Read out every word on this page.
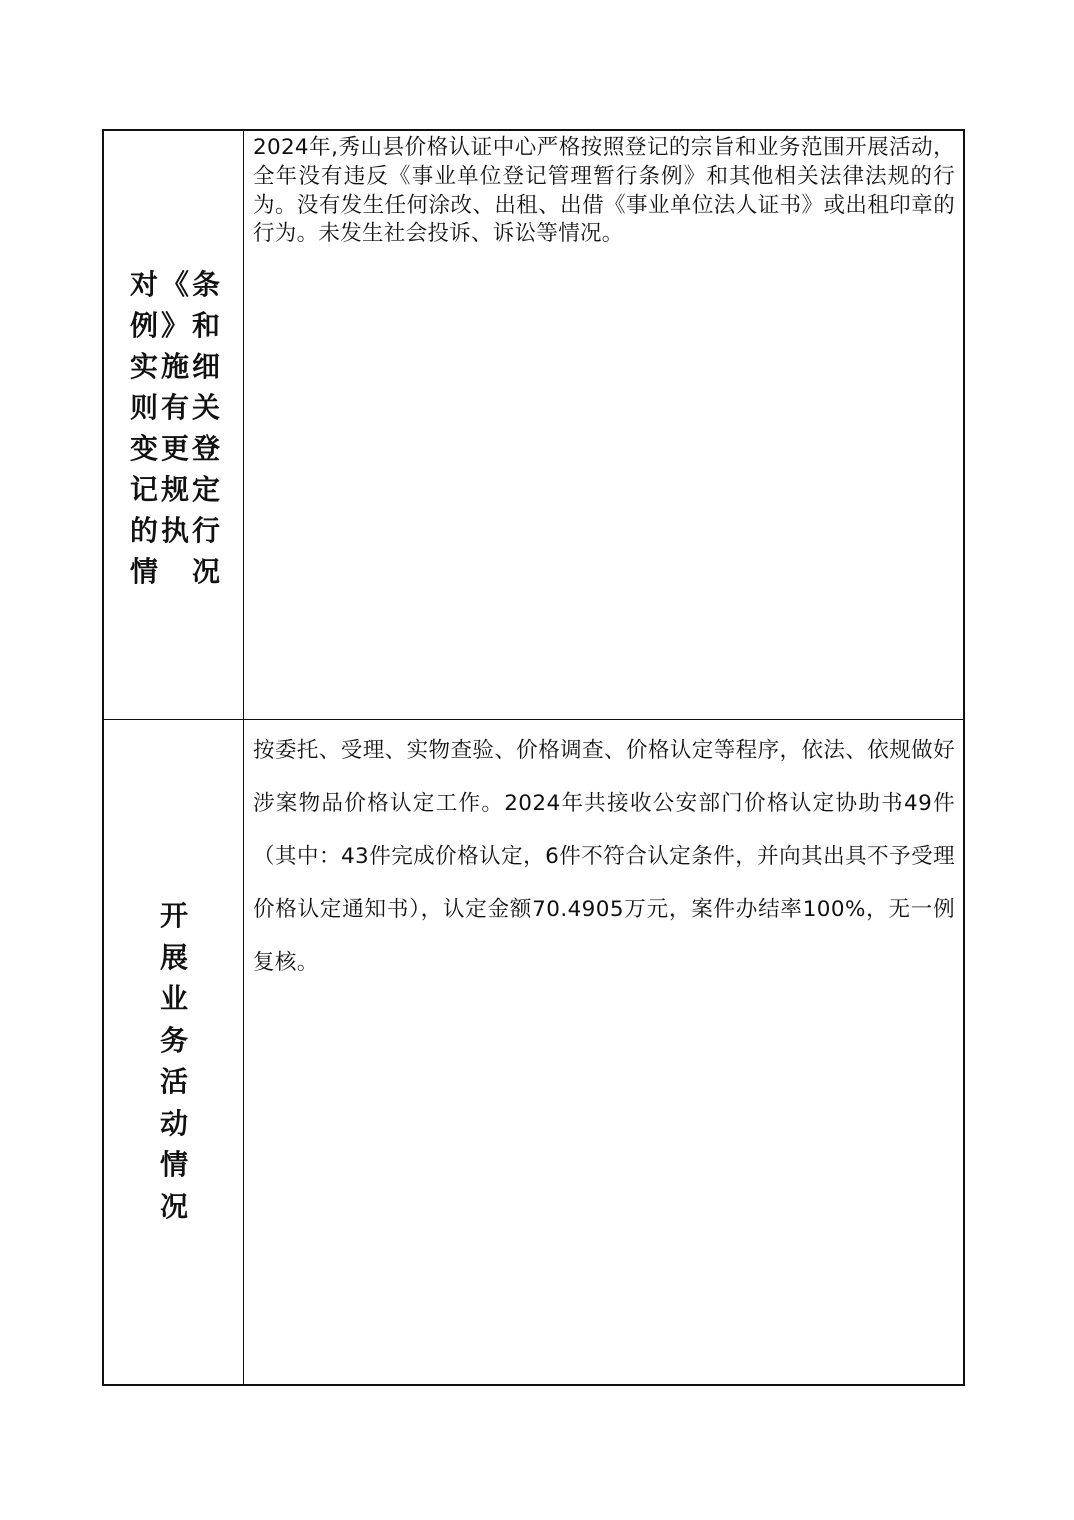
对 《 条
例 》 和
实 施 细
则 有 关
变 更 登
记 规 定
的 执 行
情 况

2024年,秀山县价格认证中心严格按照登记的宗旨和业务范围开展活动，全年没有违反《事业单位登记管理暂行条例》和其他相关法律法规的行为。没有发生任何涂改、出租、出借《事业单位法人证书》或出租印章的行为。未发生社会投诉、诉讼等情况。

开
展
业
务
活
动
情
况

按委托、受理、实物查验、价格调查、价格认定等程序，依法、依规做好涉案物品价格认定工作。2024年共接收公安部门价格认定协助书49件（其中：43件完成价格认定，6件不符合认定条件，并向其出具不予受理价格认定通知书），认定金额70.4905万元，案件办结率100%，无一例复核。
